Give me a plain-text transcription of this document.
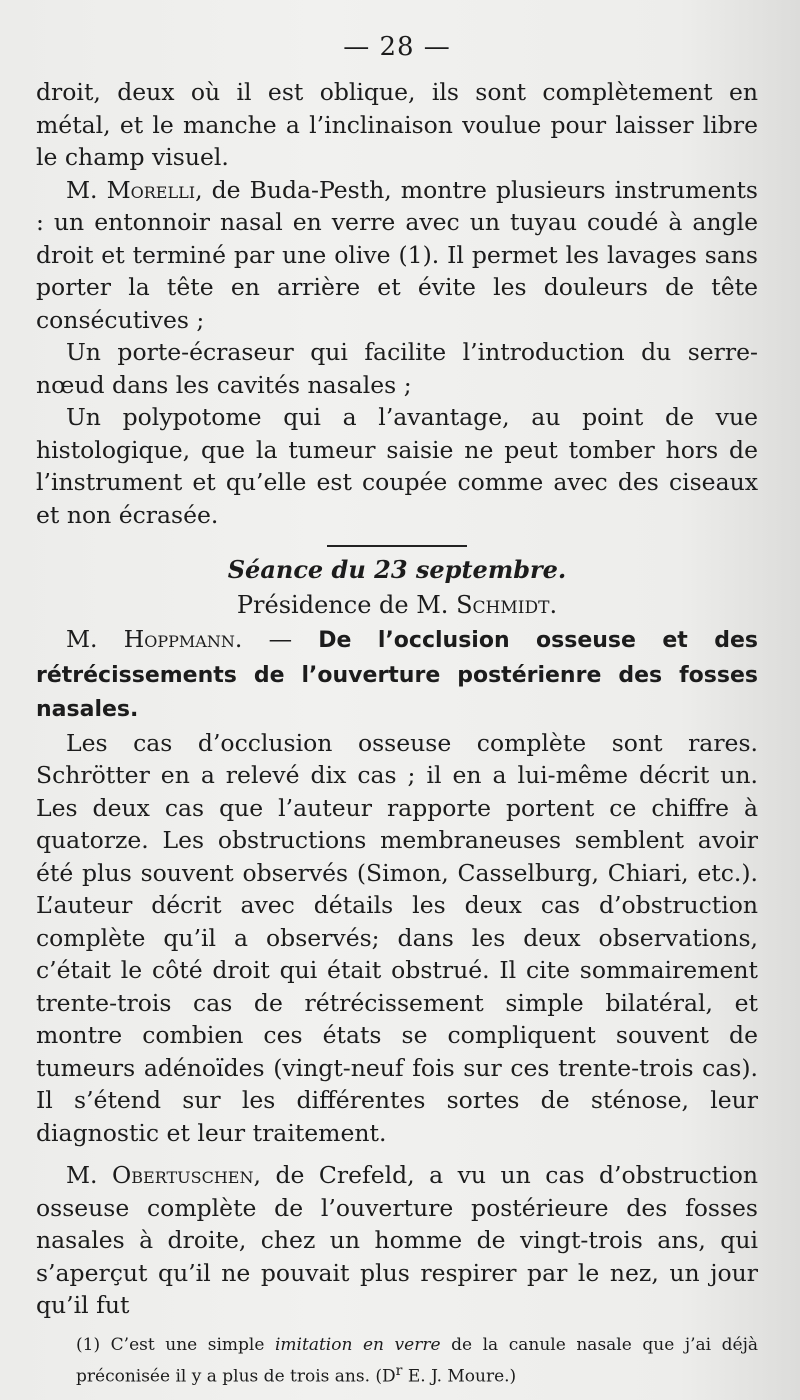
— 28 —

droit, deux où il est oblique, ils sont complètement en métal, et le manche a l’inclinaison voulue pour laisser libre le champ visuel.

M. Morelli, de Buda-Pesth, montre plusieurs instruments : un entonnoir nasal en verre avec un tuyau coudé à angle droit et terminé par une olive (1). Il permet les lavages sans porter la tête en arrière et évite les douleurs de tête consécutives ;

Un porte-écraseur qui facilite l’introduction du serre-nœud dans les cavités nasales ;

Un polypotome qui a l’avantage, au point de vue histologique, que la tumeur saisie ne peut tomber hors de l’instrument et qu’elle est coupée comme avec des ciseaux et non écrasée.

Séance du 23 septembre.
Présidence de M. Schmidt.

M. Hoppmann. — De l’occlusion osseuse et des rétrécissements de l’ouverture postérienre des fosses nasales.

Les cas d’occlusion osseuse complète sont rares. Schrötter en a relevé dix cas ; il en a lui-même décrit un. Les deux cas que l’auteur rapporte portent ce chiffre à quatorze. Les obstructions membraneuses semblent avoir été plus souvent observés (Simon, Casselburg, Chiari, etc.). L’auteur décrit avec détails les deux cas d’obstruction complète qu’il a observés; dans les deux observations, c’était le côté droit qui était obstrué. Il cite sommairement trente-trois cas de rétrécissement simple bilatéral, et montre combien ces états se compliquent souvent de tumeurs adénoïdes (vingt-neuf fois sur ces trente-trois cas). Il s’étend sur les différentes sortes de sténose, leur diagnostic et leur traitement.

M. Obertuschen, de Crefeld, a vu un cas d’obstruction osseuse complète de l’ouverture postérieure des fosses nasales à droite, chez un homme de vingt-trois ans, qui s’aperçut qu’il ne pouvait plus respirer par le nez, un jour qu’il fut

(1) C’est une simple imitation en verre de la canule nasale que j’ai déjà préconisée il y a plus de trois ans. ($D^r$ E. J. Moure.)
